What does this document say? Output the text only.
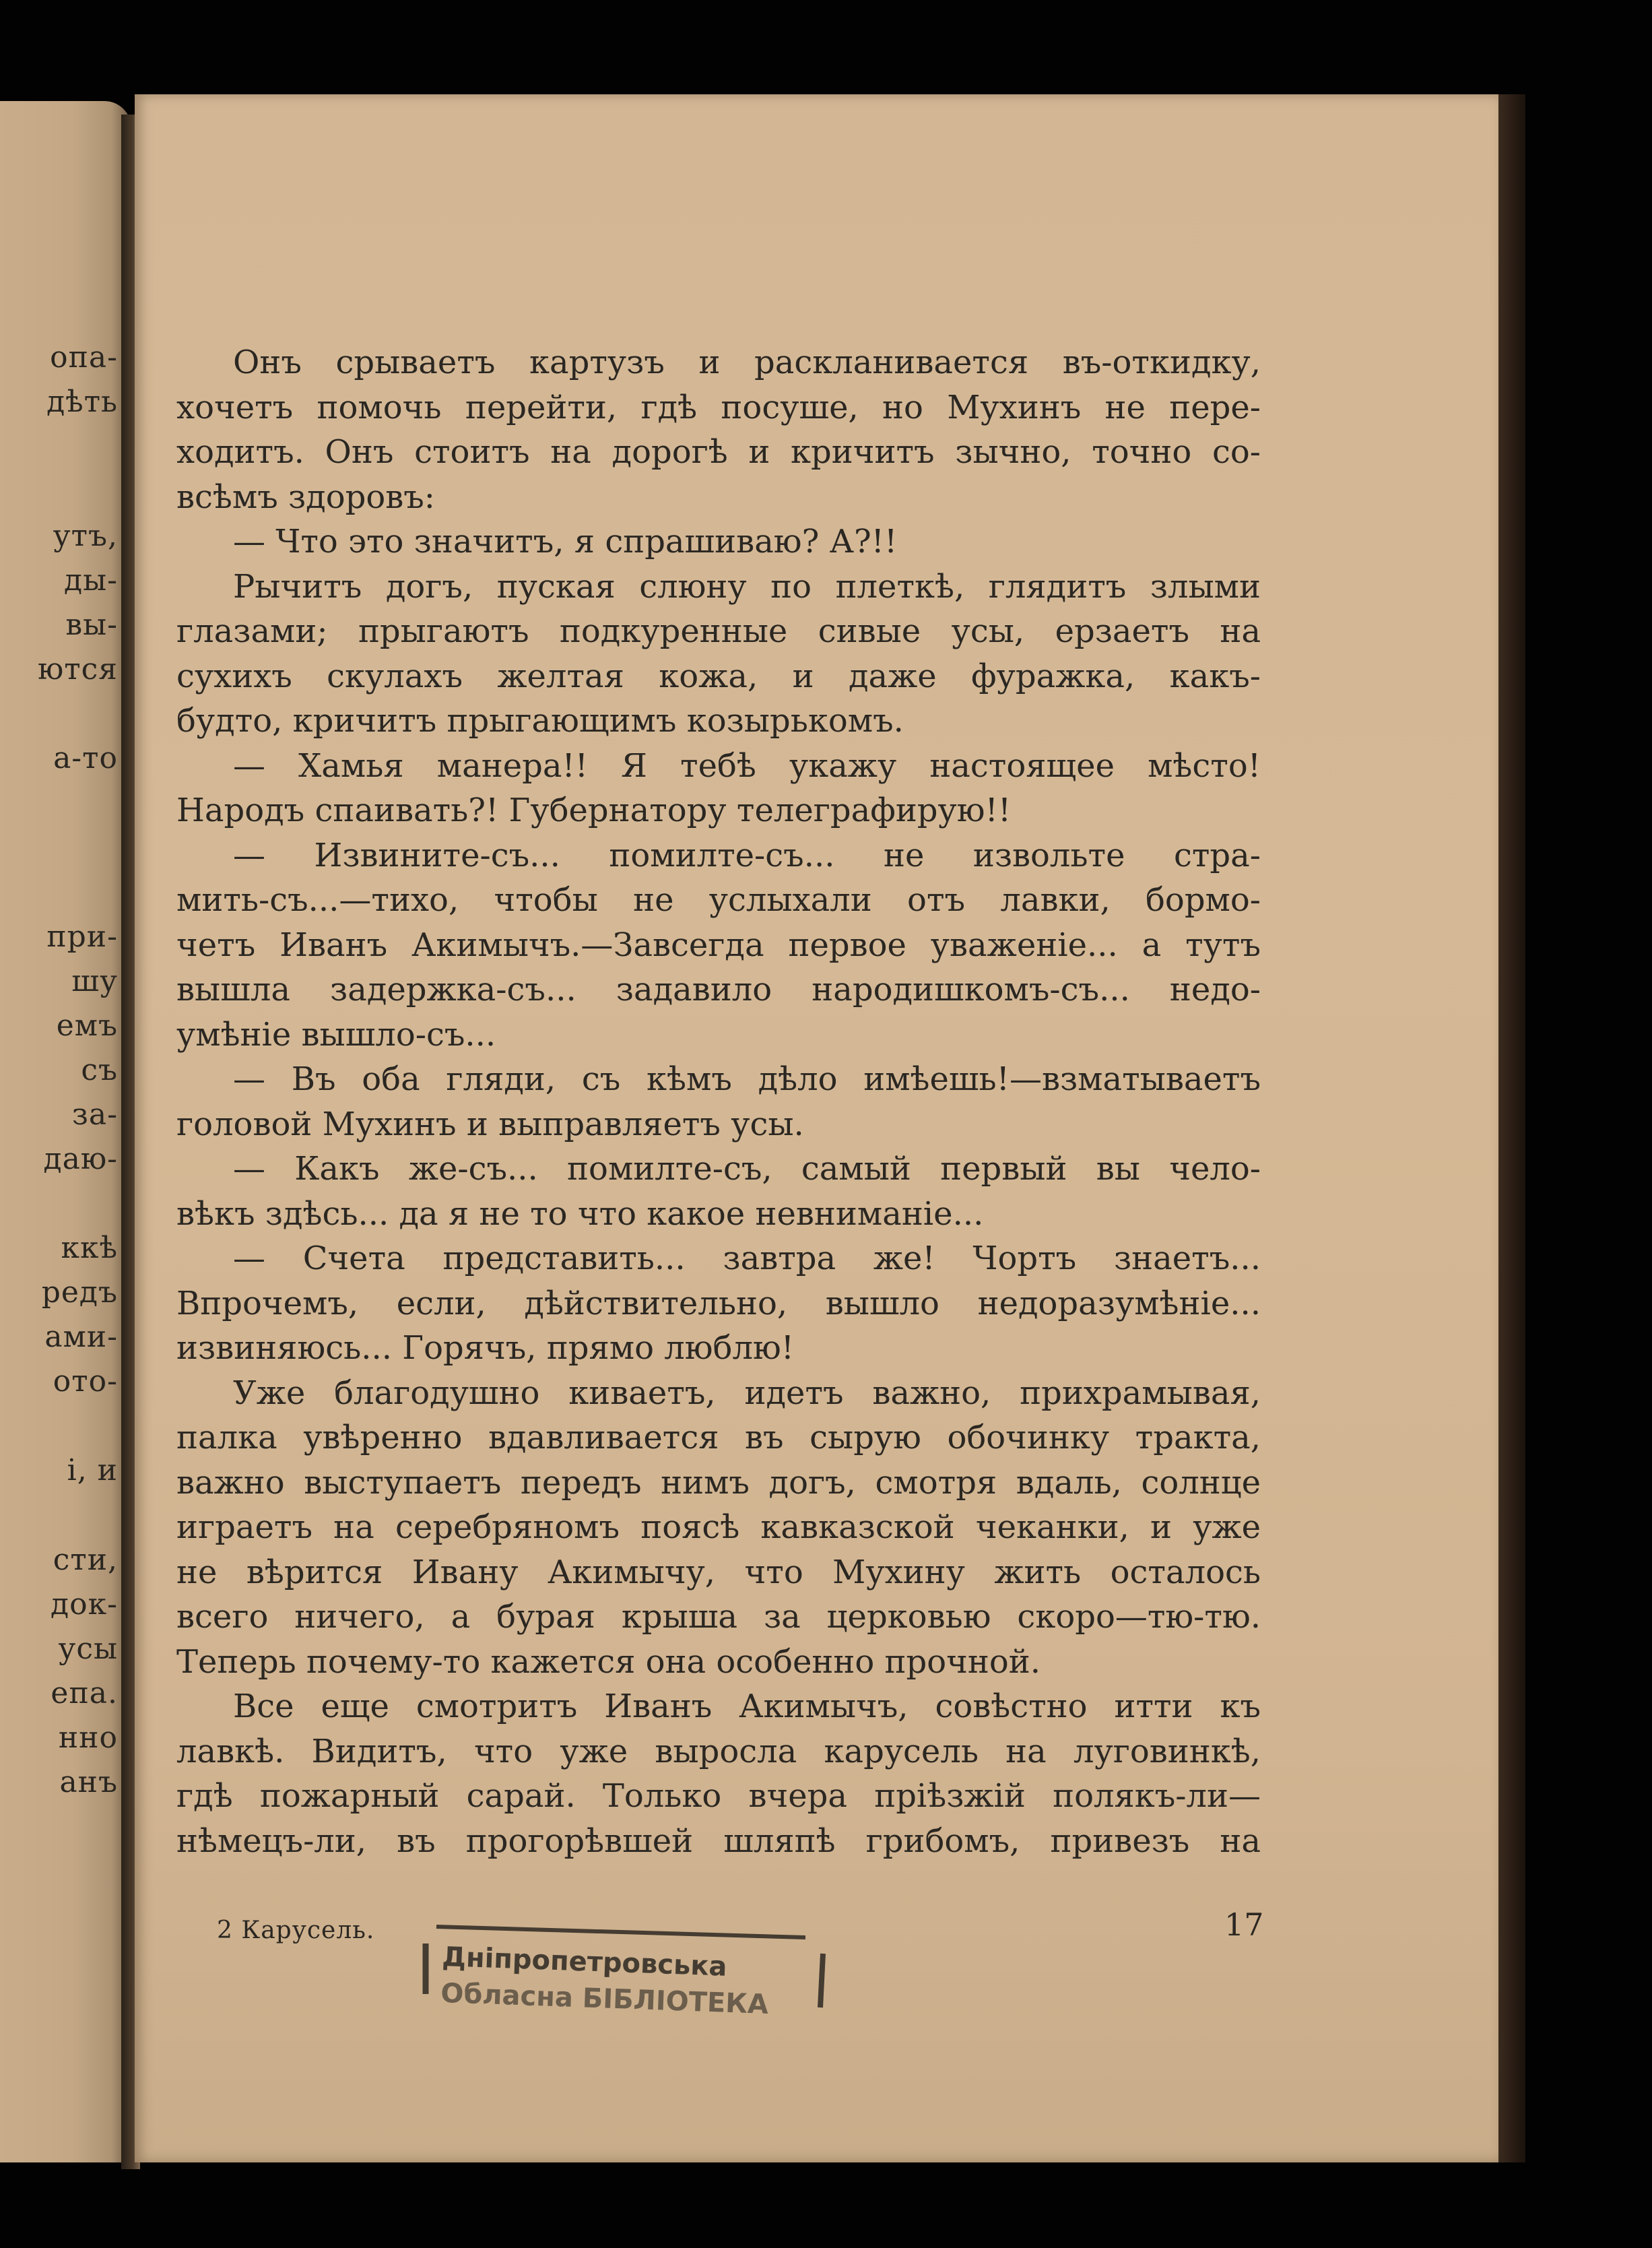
опа-
дѣть
утъ,
ды-
вы-
ются
а-то
при-
шу
емъ
съ
за-
даю-
ккѣ
редъ
ами-
ото-
і, и
сти,
док-
усы
епа.
нно
анъ
Онъ срываетъ картузъ и раскланивается въ-откидку,
хочетъ помочь перейти, гдѣ посуше, но Мухинъ не пере-
ходитъ. Онъ стоитъ на дорогѣ и кричитъ зычно, точно со-
всѣмъ здоровъ:
— Что это значитъ, я спрашиваю? А?!!
Рычитъ догъ, пуская слюну по плеткѣ, глядитъ злыми
глазами; прыгаютъ подкуренные сивые усы, ерзаетъ на
сухихъ скулахъ желтая кожа, и даже фуражка, какъ-
будто, кричитъ прыгающимъ козырькомъ.
— Хамья манера!! Я тебѣ укажу настоящее мѣсто!
Народъ спаивать?! Губернатору телеграфирую!!
— Извините-съ... помилте-съ... не извольте стра-
мить-съ...—тихо, чтобы не услыхали отъ лавки, бормо-
четъ Иванъ Акимычъ.—Завсегда первое уваженіе... а тутъ
вышла задержка-съ... задавило народишкомъ-съ... недо-
умѣніе вышло-съ...
— Въ оба гляди, съ кѣмъ дѣло имѣешь!—взматываетъ
головой Мухинъ и выправляетъ усы.
— Какъ же-съ... помилте-съ, самый первый вы чело-
вѣкъ здѣсь... да я не то что какое невниманіе...
— Счета представить... завтра же! Чортъ знаетъ...
Впрочемъ, если, дѣйствительно, вышло недоразумѣніе...
извиняюсь... Горячъ, прямо люблю!
Уже благодушно киваетъ, идетъ важно, прихрамывая,
палка увѣренно вдавливается въ сырую обочинку тракта,
важно выступаетъ передъ нимъ догъ, смотря вдаль, солнце
играетъ на серебряномъ поясѣ кавказской чеканки, и уже
не вѣрится Ивану Акимычу, что Мухину жить осталось
всего ничего, а бурая крыша за церковью скоро—тю-тю.
Теперь почему-то кажется она особенно прочной.
Все еще смотритъ Иванъ Акимычъ, совѣстно итти къ
лавкѣ. Видитъ, что уже выросла карусель на луговинкѣ,
гдѣ пожарный сарай. Только вчера пріѣзжій полякъ-ли—
нѣмецъ-ли, въ прогорѣвшей шляпѣ грибомъ, привезъ на
2 Карусель.	17
Дніпропетровська
Обласна БІБЛІОТЕКА
